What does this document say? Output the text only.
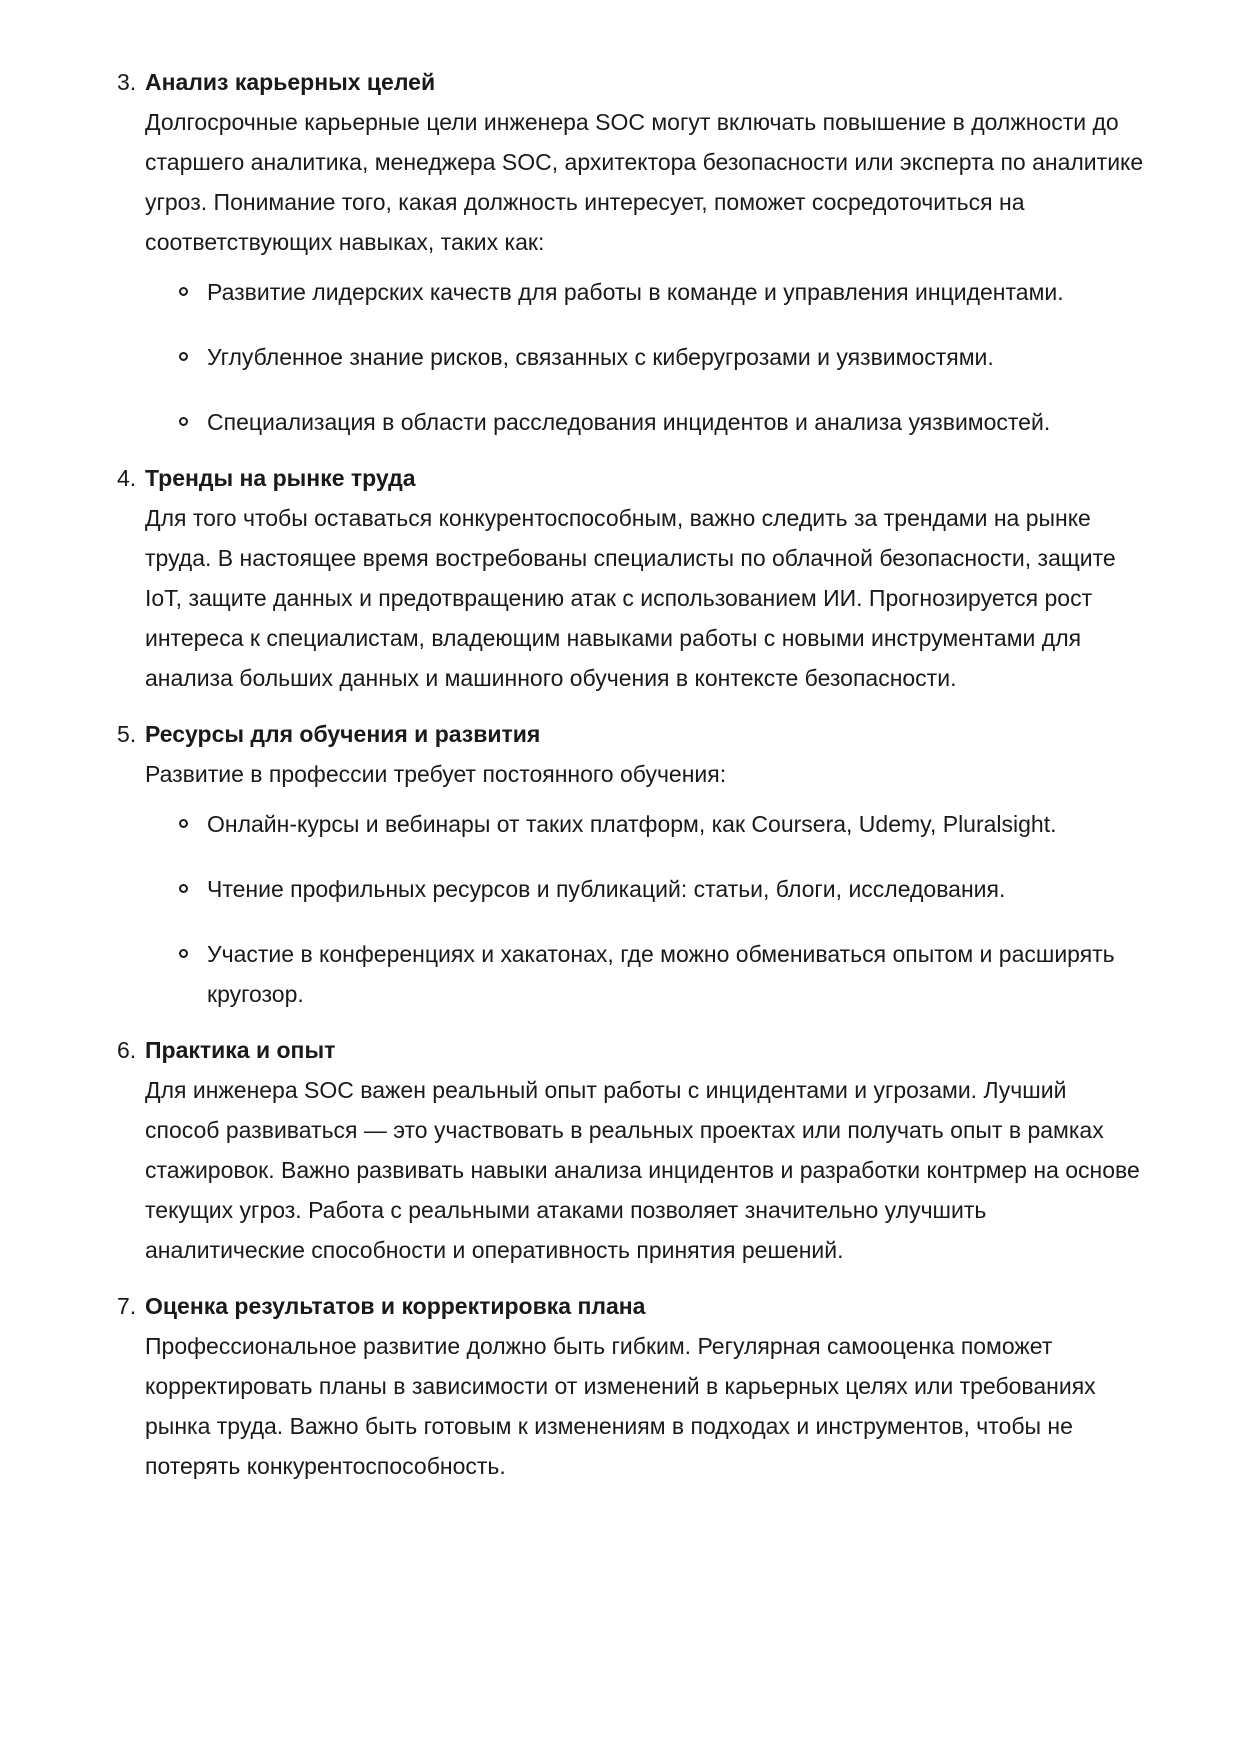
3. Анализ карьерных целей

Долгосрочные карьерные цели инженера SOC могут включать повышение в должности до старшего аналитика, менеджера SOC, архитектора безопасности или эксперта по аналитике угроз. Понимание того, какая должность интересует, поможет сосредоточиться на соответствующих навыках, таких как:

Развитие лидерских качеств для работы в команде и управления инцидентами.
Углубленное знание рисков, связанных с киберугрозами и уязвимостями.
Специализация в области расследования инцидентов и анализа уязвимостей.
4. Тренды на рынке труда

Для того чтобы оставаться конкурентоспособным, важно следить за трендами на рынке труда. В настоящее время востребованы специалисты по облачной безопасности, защите IoT, защите данных и предотвращению атак с использованием ИИ. Прогнозируется рост интереса к специалистам, владеющим навыками работы с новыми инструментами для анализа больших данных и машинного обучения в контексте безопасности.

5. Ресурсы для обучения и развития

Развитие в профессии требует постоянного обучения:

Онлайн-курсы и вебинары от таких платформ, как Coursera, Udemy, Pluralsight.
Чтение профильных ресурсов и публикаций: статьи, блоги, исследования.
Участие в конференциях и хакатонах, где можно обмениваться опытом и расширять кругозор.
6. Практика и опыт

Для инженера SOC важен реальный опыт работы с инцидентами и угрозами. Лучший способ развиваться — это участвовать в реальных проектах или получать опыт в рамках стажировок. Важно развивать навыки анализа инцидентов и разработки контрмер на основе текущих угроз. Работа с реальными атаками позволяет значительно улучшить аналитические способности и оперативность принятия решений.

7. Оценка результатов и корректировка плана

Профессиональное развитие должно быть гибким. Регулярная самооценка поможет корректировать планы в зависимости от изменений в карьерных целях или требованиях рынка труда. Важно быть готовым к изменениям в подходах и инструментов, чтобы не потерять конкурентоспособность.
